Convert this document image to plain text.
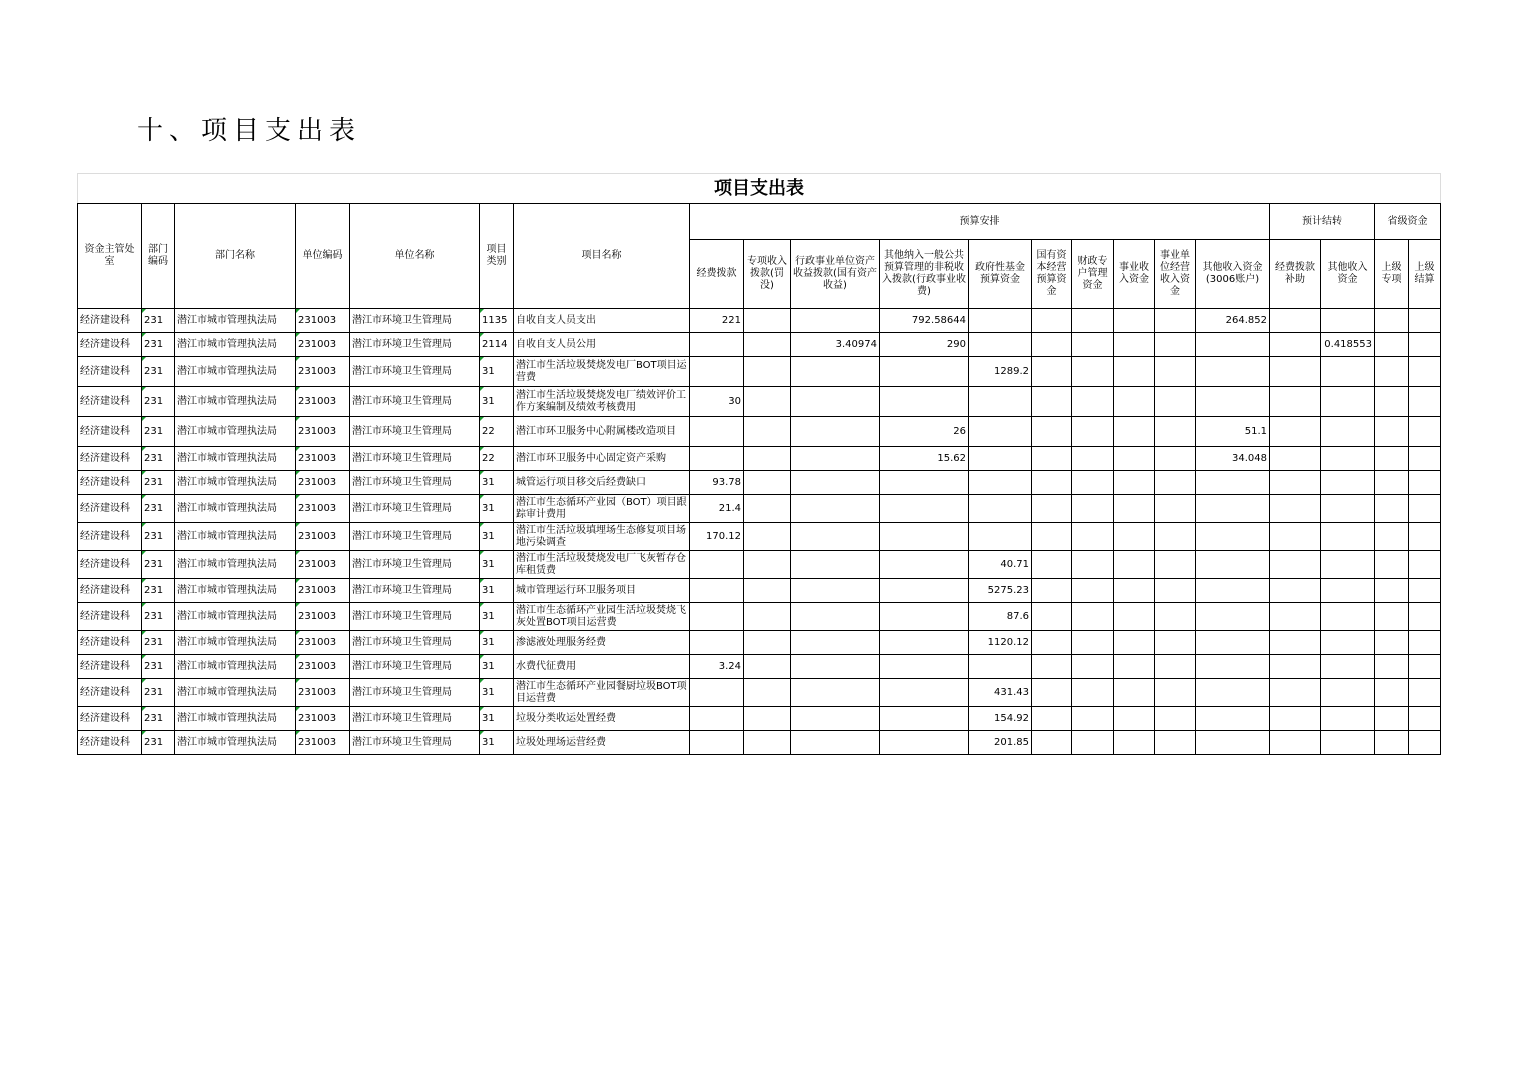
十、项目支出表
项目支出表
资金主管处室	部门编码	部门名称	单位编码	单位名称	项目类别	项目名称	预算安排										预计结转		省级资金	
							经费拨款	专项收入拨款(罚没)	行政事业单位资产收益拨款(国有资产收益)	其他纳入一般公共预算管理的非税收入拨款(行政事业收费)	政府性基金预算资金	国有资本经营预算资金	财政专户管理资金	事业收入资金	事业单位经营收入资金	其他收入资金(3006账户)	经费拨款补助	其他收入资金	上级专项	上级结算
经济建设科	231	潜江市城市管理执法局	231003	潜江市环境卫生管理局	1135	自收自支人员支出	221			792.58644						264.852				
经济建设科	231	潜江市城市管理执法局	231003	潜江市环境卫生管理局	2114	自收自支人员公用			3.40974	290								0.418553		
经济建设科	231	潜江市城市管理执法局	231003	潜江市环境卫生管理局	31	潜江市生活垃圾焚烧发电厂BOT项目运营费					1289.2									
经济建设科	231	潜江市城市管理执法局	231003	潜江市环境卫生管理局	31	潜江市生活垃圾焚烧发电厂绩效评价工作方案编制及绩效考核费用	30													
经济建设科	231	潜江市城市管理执法局	231003	潜江市环境卫生管理局	22	潜江市环卫服务中心附属楼改造项目				26						51.1				
经济建设科	231	潜江市城市管理执法局	231003	潜江市环境卫生管理局	22	潜江市环卫服务中心固定资产采购				15.62						34.048				
经济建设科	231	潜江市城市管理执法局	231003	潜江市环境卫生管理局	31	城管运行项目移交后经费缺口	93.78													
经济建设科	231	潜江市城市管理执法局	231003	潜江市环境卫生管理局	31	潜江市生态循环产业园（BOT）项目跟踪审计费用	21.4													
经济建设科	231	潜江市城市管理执法局	231003	潜江市环境卫生管理局	31	潜江市生活垃圾填埋场生态修复项目场地污染调查	170.12													
经济建设科	231	潜江市城市管理执法局	231003	潜江市环境卫生管理局	31	潜江市生活垃圾焚烧发电厂飞灰暂存仓库租赁费					40.71									
经济建设科	231	潜江市城市管理执法局	231003	潜江市环境卫生管理局	31	城市管理运行环卫服务项目					5275.23									
经济建设科	231	潜江市城市管理执法局	231003	潜江市环境卫生管理局	31	潜江市生态循环产业园生活垃圾焚烧飞灰处置BOT项目运营费					87.6									
经济建设科	231	潜江市城市管理执法局	231003	潜江市环境卫生管理局	31	渗滤液处理服务经费					1120.12									
经济建设科	231	潜江市城市管理执法局	231003	潜江市环境卫生管理局	31	水费代征费用	3.24													
经济建设科	231	潜江市城市管理执法局	231003	潜江市环境卫生管理局	31	潜江市生态循环产业园餐厨垃圾BOT项目运营费					431.43									
经济建设科	231	潜江市城市管理执法局	231003	潜江市环境卫生管理局	31	垃圾分类收运处置经费					154.92									
经济建设科	231	潜江市城市管理执法局	231003	潜江市环境卫生管理局	31	垃圾处理场运营经费					201.85									
